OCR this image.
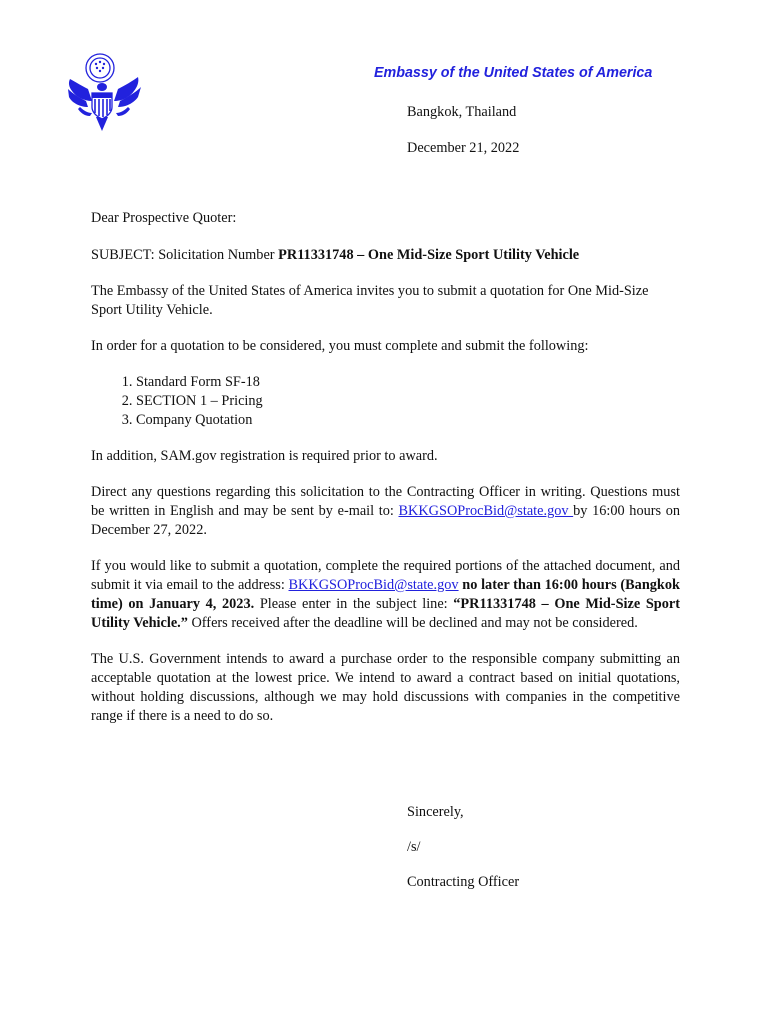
Embassy of the United States of America
Bangkok, Thailand
December 21, 2022

Dear Prospective Quoter:

SUBJECT: Solicitation Number PR11331748 – One Mid-Size Sport Utility Vehicle

The Embassy of the United States of America invites you to submit a quotation for One Mid-Size Sport Utility Vehicle.

In order for a quotation to be considered, you must complete and submit the following:

1. Standard Form SF-18
2. SECTION 1 – Pricing
3. Company Quotation

In addition, SAM.gov registration is required prior to award.

Direct any questions regarding this solicitation to the Contracting Officer in writing. Questions must be written in English and may be sent by e-mail to: BKKGSOProcBid@state.gov by 16:00 hours on December 27, 2022.

If you would like to submit a quotation, complete the required portions of the attached document, and submit it via email to the address: BKKGSOProcBid@state.gov no later than 16:00 hours (Bangkok time) on January 4, 2023. Please enter in the subject line: “PR11331748 – One Mid-Size Sport Utility Vehicle.” Offers received after the deadline will be declined and may not be considered.

The U.S. Government intends to award a purchase order to the responsible company submitting an acceptable quotation at the lowest price. We intend to award a contract based on initial quotations, without holding discussions, although we may hold discussions with companies in the competitive range if there is a need to do so.

Sincerely,

/s/

Contracting Officer
